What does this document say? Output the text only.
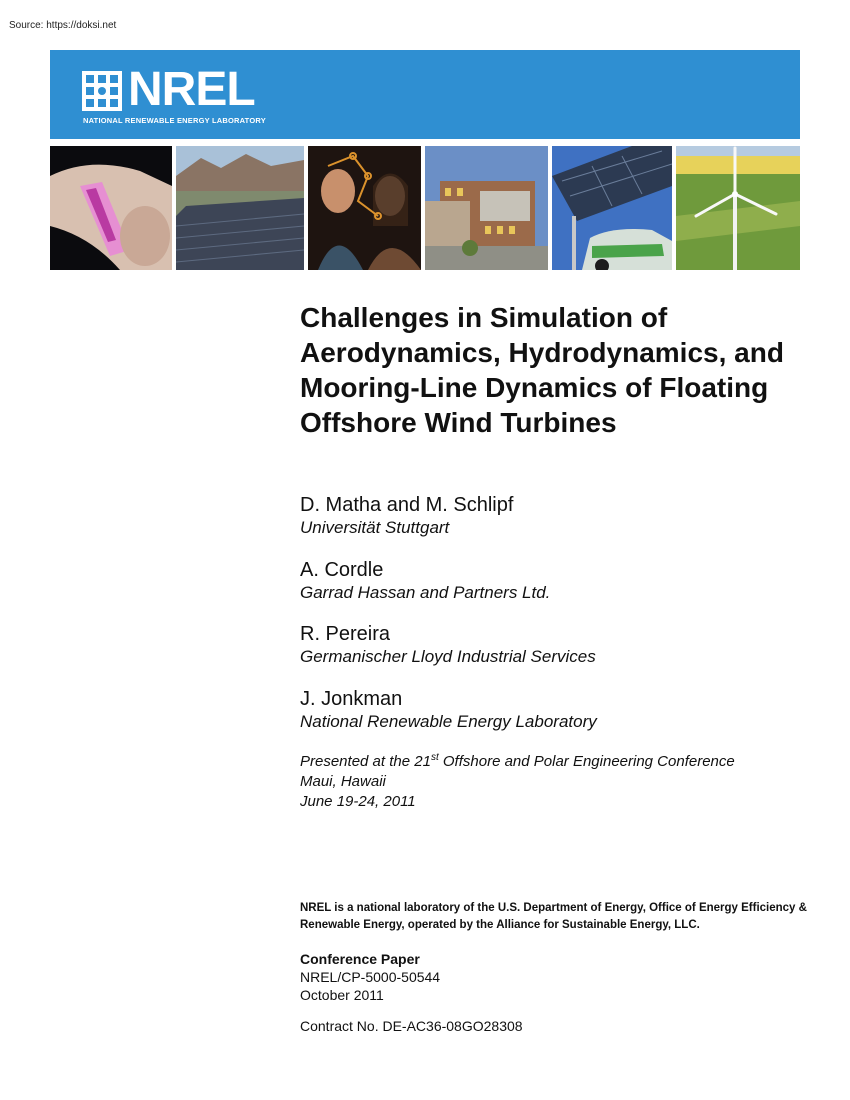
Source: https://doksi.net
NREL
NATIONAL RENEWABLE ENERGY LABORATORY
Challenges in Simulation of Aerodynamics, Hydrodynamics, and Mooring-Line Dynamics of Floating Offshore Wind Turbines
D. Matha and M. Schlipf
Universität Stuttgart
A. Cordle
Garrad Hassan and Partners Ltd.
R. Pereira
Germanischer Lloyd Industrial Services
J. Jonkman
National Renewable Energy Laboratory
Presented at the 21st Offshore and Polar Engineering Conference
Maui, Hawaii
June 19-24, 2011
NREL is a national laboratory of the U.S. Department of Energy, Office of Energy Efficiency & Renewable Energy, operated by the Alliance for Sustainable Energy, LLC.
Conference Paper
NREL/CP-5000-50544
October 2011
Contract No. DE-AC36-08GO28308
